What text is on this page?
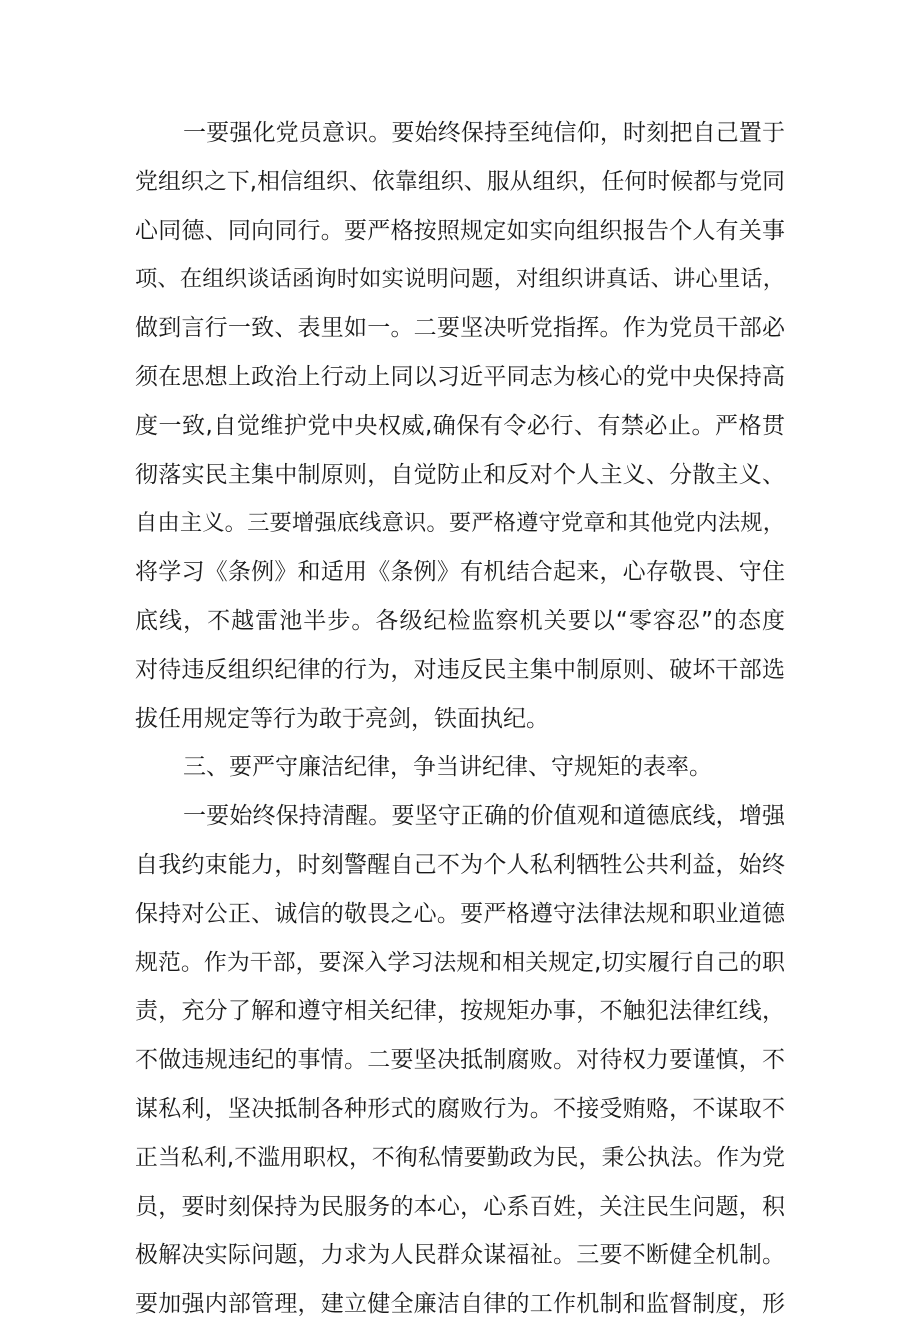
一要强化党员意识。要始终保持至纯信仰，时刻把自己置于
党组织之下,相信组织、依靠组织、服从组织，任何时候都与党同
心同德、同向同行。要严格按照规定如实向组织报告个人有关事
项、在组织谈话函询时如实说明问题，对组织讲真话、讲心里话，
做到言行一致、表里如一。二要坚决听党指挥。作为党员干部必
须在思想上政治上行动上同以习近平同志为核心的党中央保持高
度一致,自觉维护党中央权威,确保有令必行、有禁必止。严格贯
彻落实民主集中制原则，自觉防止和反对个人主义、分散主义、
自由主义。三要增强底线意识。要严格遵守党章和其他党内法规，
将学习《条例》和适用《条例》有机结合起来，心存敬畏、守住
底线，不越雷池半步。各级纪检监察机关要以“零容忍”的态度
对待违反组织纪律的行为，对违反民主集中制原则、破坏干部选
拔任用规定等行为敢于亮剑，铁面执纪。
三、要严守廉洁纪律，争当讲纪律、守规矩的表率。
一要始终保持清醒。要坚守正确的价值观和道德底线，增强
自我约束能力，时刻警醒自己不为个人私利牺牲公共利益，始终
保持对公正、诚信的敬畏之心。要严格遵守法律法规和职业道德
规范。作为干部，要深入学习法规和相关规定,切实履行自己的职
责，充分了解和遵守相关纪律，按规矩办事，不触犯法律红线，
不做违规违纪的事情。二要坚决抵制腐败。对待权力要谨慎，不
谋私利，坚决抵制各种形式的腐败行为。不接受贿赂，不谋取不
正当私利,不滥用职权，不徇私情要勤政为民，秉公执法。作为党
员，要时刻保持为民服务的本心，心系百姓，关注民生问题，积
极解决实际问题，力求为人民群众谋福祉。三要不断健全机制。
要加强内部管理，建立健全廉洁自律的工作机制和监督制度，形
